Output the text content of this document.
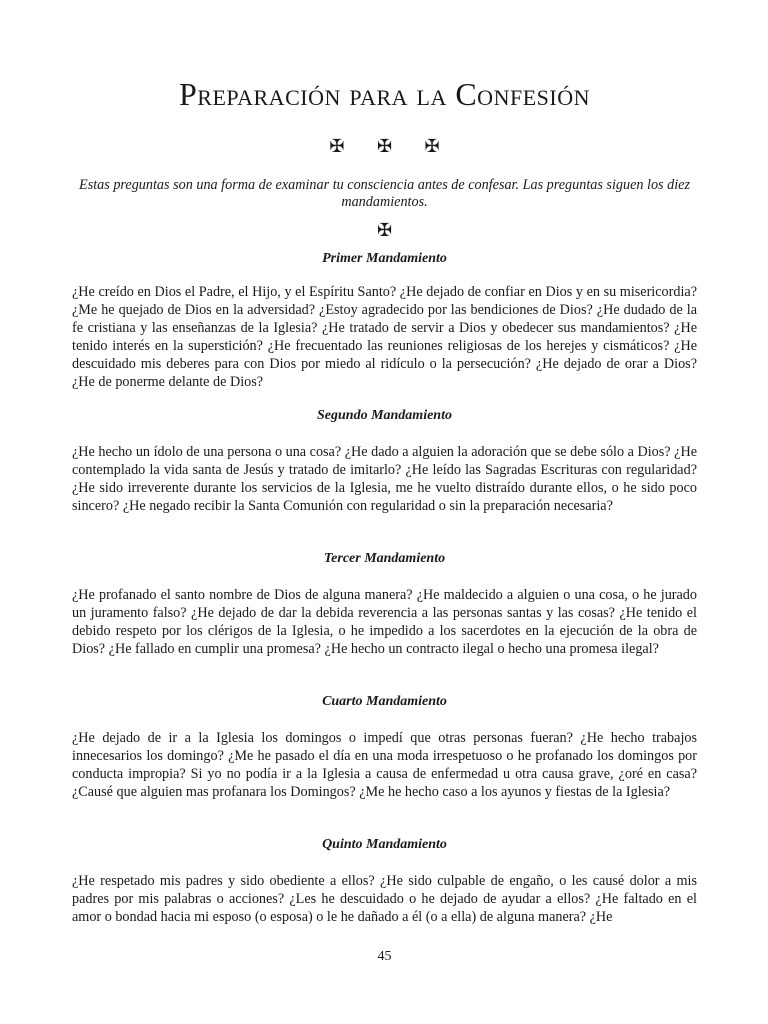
Preparación para la Confesión
✠ ✠ ✠

Estas preguntas son una forma de examinar tu consciencia antes de confesar. Las preguntas siguen los diez mandamientos.

✠
Primer Mandamiento

¿He creído en Dios el Padre, el Hijo, y el Espíritu Santo? ¿He dejado de confiar en Dios y en su misericordia? ¿Me he quejado de Dios en la adversidad? ¿Estoy agradecido por las bendiciones de Dios? ¿He dudado de la fe cristiana y las enseñanzas de la Iglesia? ¿He tratado de servir a Dios y obedecer sus mandamientos? ¿He tenido interés en la superstición? ¿He frecuentado las reuniones religiosas de los herejes y cismáticos? ¿He descuidado mis deberes para con Dios por miedo al ridículo o la persecución? ¿He dejado de orar a Dios? ¿He de ponerme delante de Dios?

Segundo Mandamiento

¿He hecho un ídolo de una persona o una cosa? ¿He dado a alguien la adoración que se debe sólo a Dios? ¿He contemplado la vida santa de Jesús y tratado de imitarlo? ¿He leído las Sagradas Escrituras con regularidad? ¿He sido irreverente durante los servicios de la Iglesia, me he vuelto distraído durante ellos, o he sido poco sincero? ¿He negado recibir la Santa Comunión con regularidad o sin la preparación necesaria?

Tercer Mandamiento

¿He profanado el santo nombre de Dios de alguna manera? ¿He maldecido a alguien o una cosa, o he jurado un juramento falso? ¿He dejado de dar la debida reverencia a las personas santas y las cosas? ¿He tenido el debido respeto por los clérigos de la Iglesia, o he impedido a los sacerdotes en la ejecución de la obra de Dios? ¿He fallado en cumplir una promesa? ¿He hecho un contracto ilegal o hecho una promesa ilegal?

Cuarto Mandamiento

¿He dejado de ir a la Iglesia los domingos o impedí que otras personas fueran? ¿He hecho trabajos innecesarios los domingo? ¿Me he pasado el día en una moda irrespetuoso o he profanado los domingos por conducta impropia? Si yo no podía ir a la Iglesia a causa de enfermedad u otra causa grave, ¿oré en casa? ¿Causé que alguien mas profanara los Domingos? ¿Me he hecho caso a los ayunos y fiestas de la Iglesia?

Quinto Mandamiento

¿He respetado mis padres y sido obediente a ellos? ¿He sido culpable de engaño, o les causé dolor a mis padres por mis palabras o acciones? ¿Les he descuidado o he dejado de ayudar a ellos? ¿He faltado en el amor o bondad hacia mi esposo (o esposa) o le he dañado a él (o a ella) de alguna manera? ¿He

45
